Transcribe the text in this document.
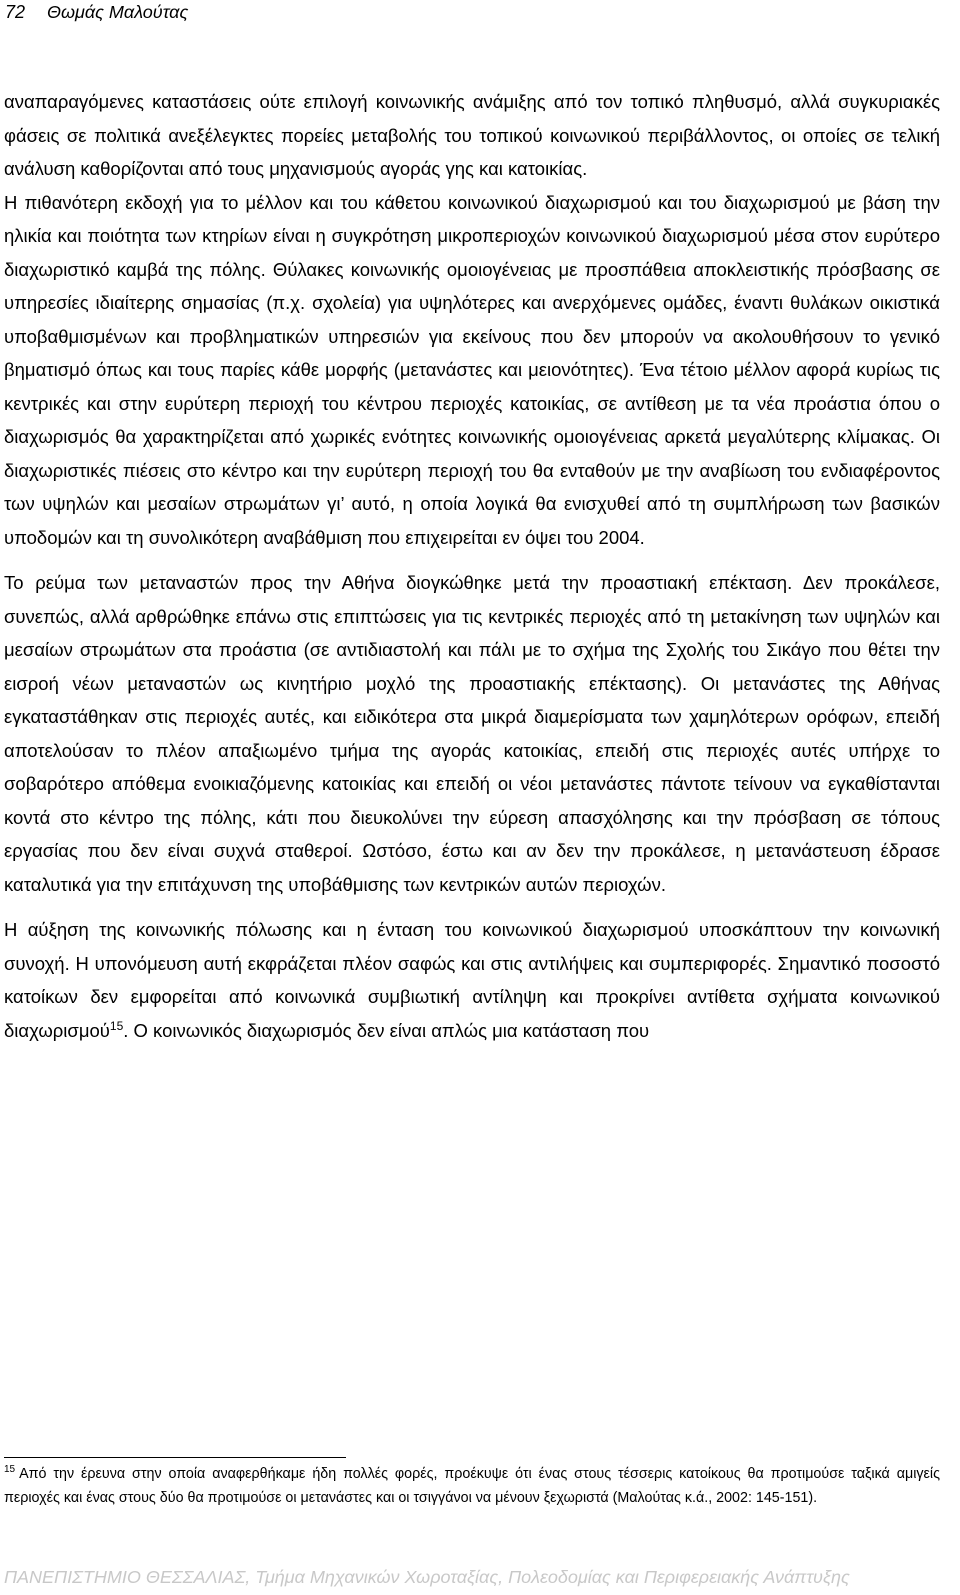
72 Θωμάς Μαλούτας

αναπαραγόμενες καταστάσεις ούτε επιλογή κοινωνικής ανάμιξης από τον τοπικό πληθυσμό, αλλά συγκυριακές φάσεις σε πολιτικά ανεξέλεγκτες πορείες μεταβολής του τοπικού κοινωνικού περιβάλλοντος, οι οποίες σε τελική ανάλυση καθορίζονται από τους μηχανισμούς αγοράς γης και κατοικίας.

Η πιθανότερη εκδοχή για το μέλλον και του κάθετου κοινωνικού διαχωρισμού και του διαχωρισμού με βάση την ηλικία και ποιότητα των κτηρίων είναι η συγκρότηση μικροπεριοχών κοινωνικού διαχωρισμού μέσα στον ευρύτερο διαχωριστικό καμβά της πόλης. Θύλακες κοινωνικής ομοιογένειας με προσπάθεια αποκλειστικής πρόσβασης σε υπηρεσίες ιδιαίτερης σημασίας (π.χ. σχολεία) για υψηλότερες και ανερχόμενες ομάδες, έναντι θυλάκων οικιστικά υποβαθμισμένων και προβληματικών υπηρεσιών για εκείνους που δεν μπορούν να ακολουθήσουν το γενικό βηματισμό όπως και τους παρίες κάθε μορφής (μετανάστες και μειονότητες). Ένα τέτοιο μέλλον αφορά κυρίως τις κεντρικές και στην ευρύτερη περιοχή του κέντρου περιοχές κατοικίας, σε αντίθεση με τα νέα προάστια όπου ο διαχωρισμός θα χαρακτηρίζεται από χωρικές ενότητες κοινωνικής ομοιογένειας αρκετά μεγαλύτερης κλίμακας. Οι διαχωριστικές πιέσεις στο κέντρο και την ευρύτερη περιοχή του θα ενταθούν με την αναβίωση του ενδιαφέροντος των υψηλών και μεσαίων στρωμάτων γι’ αυτό, η οποία λογικά θα ενισχυθεί από τη συμπλήρωση των βασικών υποδομών και τη συνολικότερη αναβάθμιση που επιχειρείται εν όψει του 2004.

Το ρεύμα των μεταναστών προς την Αθήνα διογκώθηκε μετά την προαστιακή επέκταση. Δεν προκάλεσε, συνεπώς, αλλά αρθρώθηκε επάνω στις επιπτώσεις για τις κεντρικές περιοχές από τη μετακίνηση των υψηλών και μεσαίων στρωμάτων στα προάστια (σε αντιδιαστολή και πάλι με το σχήμα της Σχολής του Σικάγο που θέτει την εισροή νέων μεταναστών ως κινητήριο μοχλό της προαστιακής επέκτασης). Οι μετανάστες της Αθήνας εγκαταστάθηκαν στις περιοχές αυτές, και ειδικότερα στα μικρά διαμερίσματα των χαμηλότερων ορόφων, επειδή αποτελούσαν το πλέον απαξιωμένο τμήμα της αγοράς κατοικίας, επειδή στις περιοχές αυτές υπήρχε το σοβαρότερο απόθεμα ενοικιαζόμενης κατοικίας και επειδή οι νέοι μετανάστες πάντοτε τείνουν να εγκαθίστανται κοντά στο κέντρο της πόλης, κάτι που διευκολύνει την εύρεση απασχόλησης και την πρόσβαση σε τόπους εργασίας που δεν είναι συχνά σταθεροί. Ωστόσο, έστω και αν δεν την προκάλεσε, η μετανάστευση έδρασε καταλυτικά για την επιτάχυνση της υποβάθμισης των κεντρικών αυτών περιοχών.

Η αύξηση της κοινωνικής πόλωσης και η ένταση του κοινωνικού διαχωρισμού υποσκάπτουν την κοινωνική συνοχή. Η υπονόμευση αυτή εκφράζεται πλέον σαφώς και στις αντιλήψεις και συμπεριφορές. Σημαντικό ποσοστό κατοίκων δεν εμφορείται από κοινωνικά συμβιωτική αντίληψη και προκρίνει αντίθετα σχήματα κοινωνικού διαχωρισμού$^{15}$. Ο κοινωνικός διαχωρισμός δεν είναι απλώς μια κατάσταση που

$^{15}$ Από την έρευνα στην οποία αναφερθήκαμε ήδη πολλές φορές, προέκυψε ότι ένας στους τέσσερις κατοίκους θα προτιμούσε ταξικά αμιγείς περιοχές και ένας στους δύο θα προτιμούσε οι μετανάστες και οι τσιγγάνοι να μένουν ξεχωριστά (Μαλούτας κ.ά., 2002: 145-151).
ΠΑΝΕΠΙΣΤΗΜΙΟ ΘΕΣΣΑΛΙΑΣ, Τμήμα Μηχανικών Χωροταξίας, Πολεοδομίας και Περιφερειακής Ανάπτυξης
